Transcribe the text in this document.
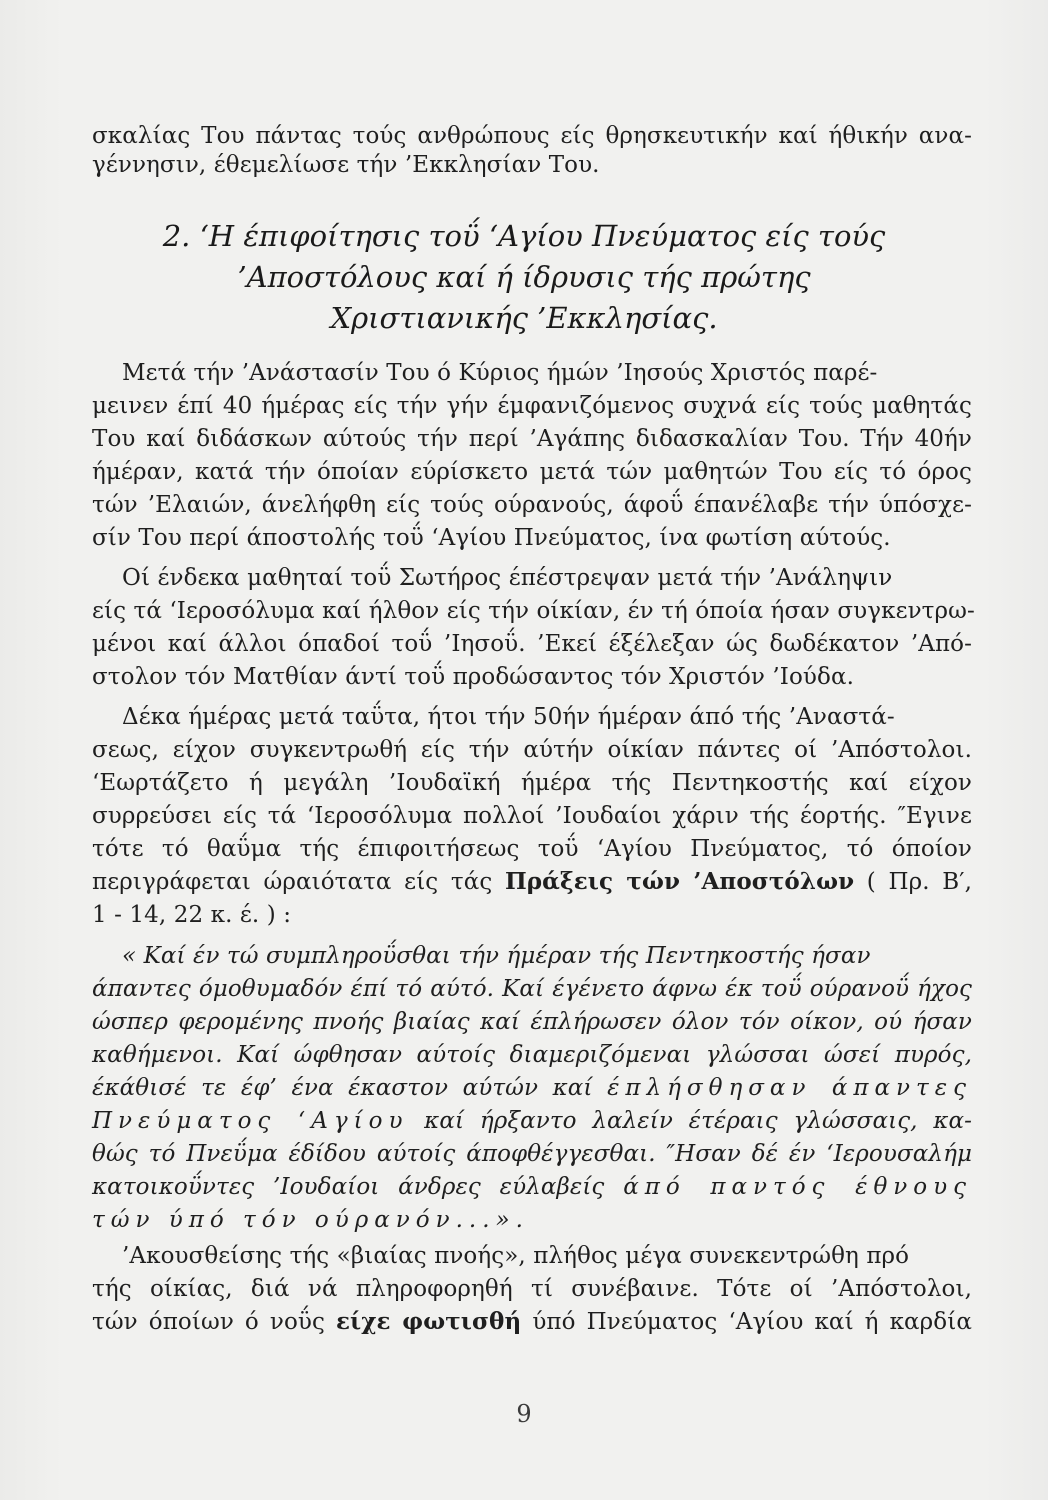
σκαλίας Του πάντας τούς ανθρώπους είς θρησκευτικήν καί ήθικήν ανα-
γέννησιν, έθεμελίωσε τήν ’Εκκλησίαν Του.
2. ‘Η έπιφοίτησις τοΰ ‘Αγίου Πνεύματος είς τούς
’Αποστόλους καί ή ίδρυσις τής πρώτης
Χριστιανικής ’Εκκλησίας.
Μετά τήν ’Ανάστασίν Του ό Κύριος ήμών ’Ιησούς Χριστός παρέ-
μεινεν έπί 40 ήμέρας είς τήν γήν έμφανιζόμενος συχνά είς τούς μαθητάς
Του καί διδάσκων αύτούς τήν περί ’Αγάπης διδασκαλίαν Του. Τήν 40ήν
ήμέραν, κατά τήν όποίαν εύρίσκετο μετά τών μαθητών Του είς τό όρος
τών ’Ελαιών, άνελήφθη είς τούς ούρανούς, άφοΰ έπανέλαβε τήν ύπόσχε-
σίν Του περί άποστολής τοΰ ‘Αγίου Πνεύματος, ίνα φωτίση αύτούς.
Οί ένδεκα μαθηταί τοΰ Σωτήρος έπέστρεψαν μετά τήν ’Ανάληψιν
είς τά ‘Ιεροσόλυμα καί ήλθον είς τήν οίκίαν, έν τή όποία ήσαν συγκεντρω-
μένοι καί άλλοι όπαδοί τοΰ ’Ιησοΰ. ’Εκεί έξέλεξαν ώς δωδέκατον ’Από-
στολον τόν Ματθίαν άντί τοΰ προδώσαντος τόν Χριστόν ’Ιούδα.
Δέκα ήμέρας μετά ταΰτα, ήτοι τήν 50ήν ήμέραν άπό τής ’Αναστά-
σεως, είχον συγκεντρωθή είς τήν αύτήν οίκίαν πάντες οί ’Απόστολοι.
‘Εωρτάζετο ή μεγάλη ’Ιουδαϊκή ήμέρα τής Πεντηκοστής καί είχον
συρρεύσει είς τά ‘Ιεροσόλυμα πολλοί ’Ιουδαίοι χάριν τής έορτής. ″Εγινε
τότε τό θαΰμα τής έπιφοιτήσεως τοΰ ‘Αγίου Πνεύματος, τό όποίον
περιγράφεται ώραιότατα είς τάς Πράξεις τών ’Αποστόλων ( Πρ. Β′,
1 - 14, 22 κ. έ. ) :
« Καί έν τώ συμπληροΰσθαι τήν ήμέραν τής Πεντηκοστής ήσαν
άπαντες όμοθυμαδόν έπί τό αύτό. Καί έγένετο άφνω έκ τοΰ ούρανοΰ ήχος
ώσπερ φερομένης πνοής βιαίας καί έπλήρωσεν όλον τόν οίκον, ού ήσαν
καθήμενοι. Καί ώφθησαν αύτοίς διαμεριζόμεναι γλώσσαι ώσεί πυρός,
έκάθισέ τε έφ’ ένα έκαστον αύτών καί έπλήσθησαν άπαντες
Πνεύματος ‘Αγίου καί ήρξαντο λαλείν έτέραις γλώσσαις, κα-
θώς τό Πνεΰμα έδίδου αύτοίς άποφθέγγεσθαι. ″Ησαν δέ έν ‘Ιερουσαλήμ
κατοικοΰντες ’Ιουδαίοι άνδρες εύλαβείς άπό παντός έθνους
τών ύπό τόν ούρανόν...».
’Ακουσθείσης τής «βιαίας πνοής», πλήθος μέγα συνεκεντρώθη πρό
τής οίκίας, διά νά πληροφορηθή τί συνέβαινε. Τότε οί ’Απόστολοι,
τών όποίων ό νοΰς είχε φωτισθή ύπό Πνεύματος ‘Αγίου καί ή καρδία
9
